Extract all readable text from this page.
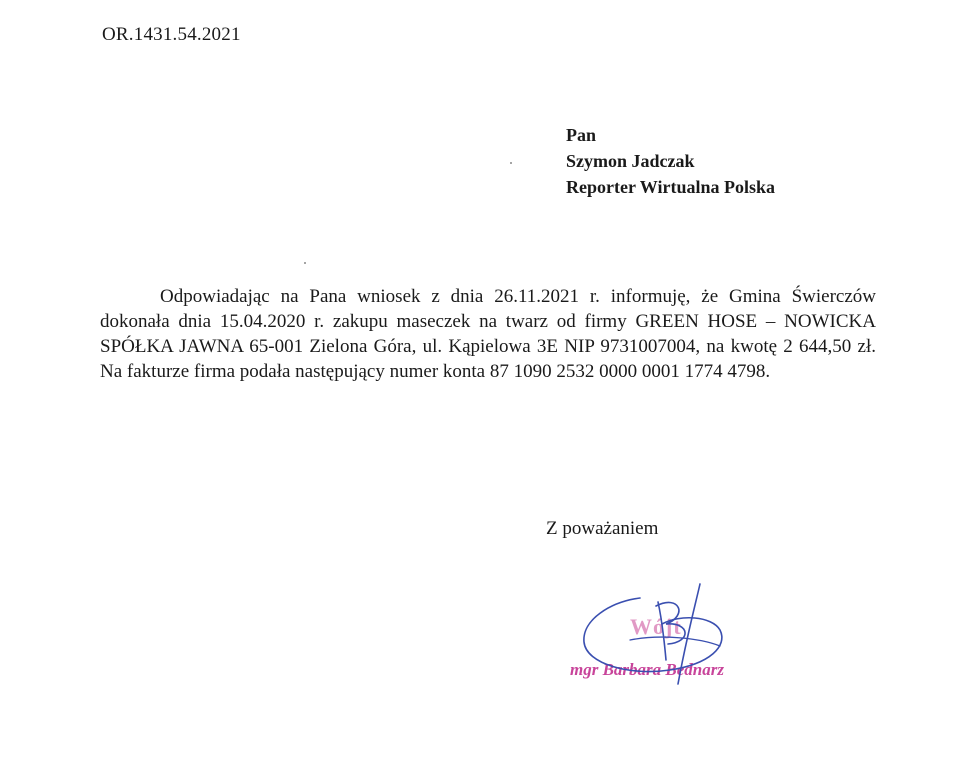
OR.1431.54.2021
Pan
Szymon Jadczak
Reporter Wirtualna Polska
Odpowiadając na Pana wniosek z dnia 26.11.2021 r. informuję, że Gmina Świerczów dokonała dnia 15.04.2020 r. zakupu maseczek na twarz od firmy GREEN HOSE – NOWICKA SPÓŁKA JAWNA 65-001 Zielona Góra, ul. Kąpielowa 3E NIP 9731007004, na kwotę 2 644,50 zł. Na fakturze firma podała następujący numer konta 87 1090 2532 0000 0001 1774 4798.
Z poważaniem
Wójt
mgr Barbara Bednarz
